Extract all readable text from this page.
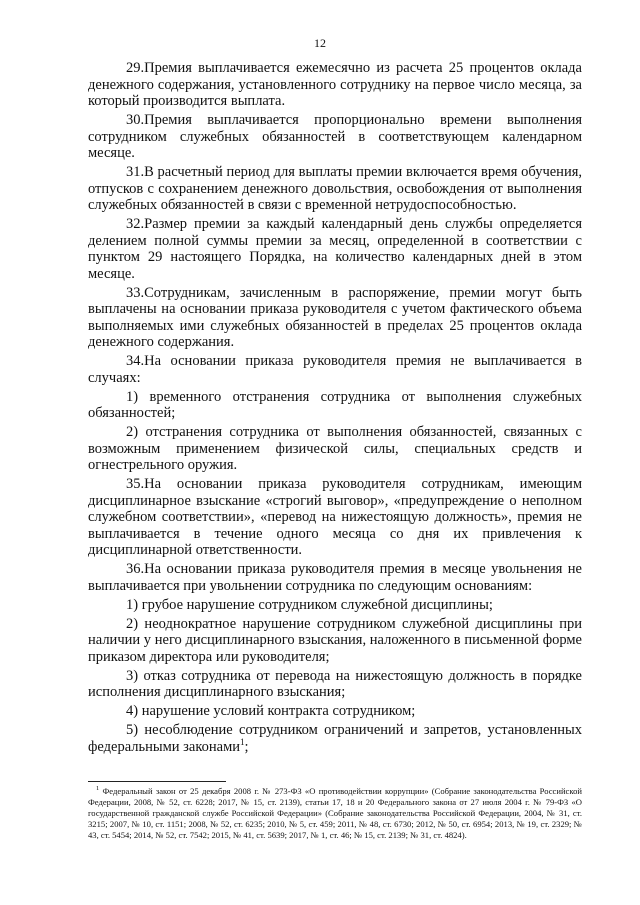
12

29.Премия выплачивается ежемесячно из расчета 25 процентов оклада денежного содержания, установленного сотруднику на первое число месяца, за который производится выплата.

30.Премия выплачивается пропорционально времени выполнения сотрудником служебных обязанностей в соответствующем календарном месяце.

31.В расчетный период для выплаты премии включается время обучения, отпусков с сохранением денежного довольствия, освобождения от выполнения служебных обязанностей в связи с временной нетрудоспособностью.

32.Размер премии за каждый календарный день службы определяется делением полной суммы премии за месяц, определенной в соответствии с пунктом 29 настоящего Порядка, на количество календарных дней в этом месяце.

33.Сотрудникам, зачисленным в распоряжение, премии могут быть выплачены на основании приказа руководителя с учетом фактического объема выполняемых ими служебных обязанностей в пределах 25 процентов оклада денежного содержания.

34.На основании приказа руководителя премия не выплачивается в случаях:

1) временного отстранения сотрудника от выполнения служебных обязанностей;

2) отстранения сотрудника от выполнения обязанностей, связанных с возможным применением физической силы, специальных средств и огнестрельного оружия.

35.На основании приказа руководителя сотрудникам, имеющим дисциплинарное взыскание «строгий выговор», «предупреждение о неполном служебном соответствии», «перевод на нижестоящую должность», премия не выплачивается в течение одного месяца со дня их привлечения к дисциплинарной ответственности.

36.На основании приказа руководителя премия в месяце увольнения не выплачивается при увольнении сотрудника по следующим основаниям:

1) грубое нарушение сотрудником служебной дисциплины;

2) неоднократное нарушение сотрудником служебной дисциплины при наличии у него дисциплинарного взыскания, наложенного в письменной форме приказом директора или руководителя;

3) отказ сотрудника от перевода на нижестоящую должность в порядке исполнения дисциплинарного взыскания;

4) нарушение условий контракта сотрудником;

5) несоблюдение сотрудником ограничений и запретов, установленных федеральными законами$^1$;

$^1$ Федеральный закон от 25 декабря 2008 г. № 273-ФЗ «О противодействии коррупции» (Собрание законодательства Российской Федерации, 2008, № 52, ст. 6228; 2017, № 15, ст. 2139), статьи 17, 18 и 20 Федерального закона от 27 июля 2004 г. № 79-ФЗ «О государственной гражданской службе Российской Федерации» (Собрание законодательства Российской Федерации, 2004, № 31, ст. 3215; 2007, № 10, ст. 1151; 2008, № 52, ст. 6235; 2010, № 5, ст. 459; 2011, № 48, ст. 6730; 2012, № 50, ст. 6954; 2013, № 19, ст. 2329; № 43, ст. 5454; 2014, № 52, ст. 7542; 2015, № 41, ст. 5639; 2017, № 1, ст. 46; № 15, ст. 2139; № 31, ст. 4824).
